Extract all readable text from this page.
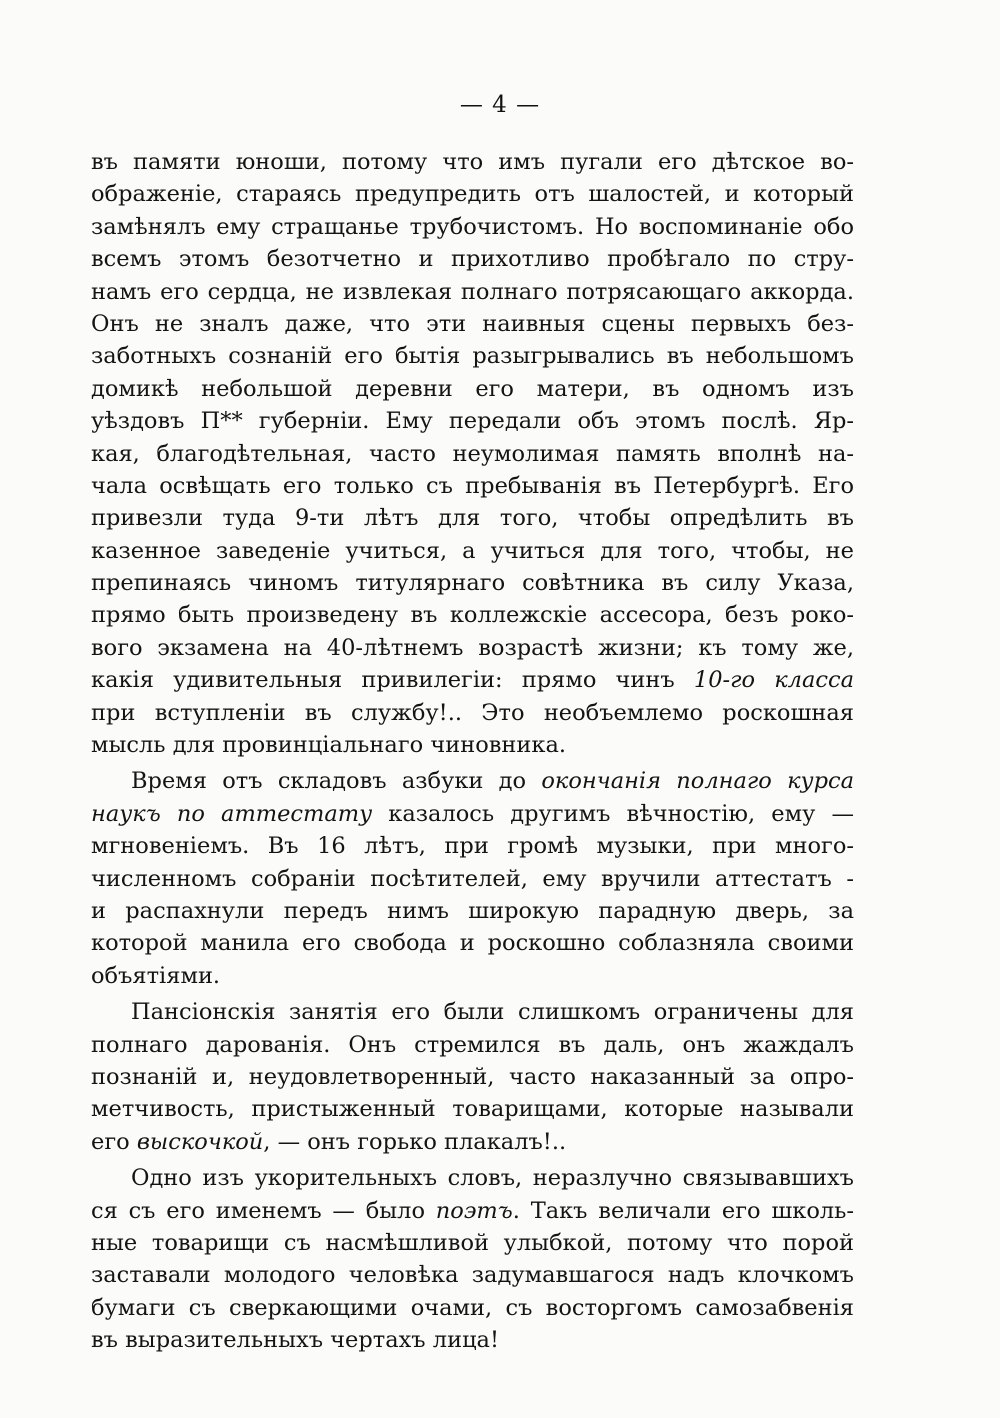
— 4 —
въ памяти юноши, потому что имъ пугали его дѣтское во-
ображенiе, стараясь предупредить отъ шалостей, и который
замѣнялъ ему стращанье трубочистомъ. Но воспоминанiе обо
всемъ этомъ безотчетно и прихотливо пробѣгало по стру-
намъ его сердца, не извлекая полнаго потрясающаго аккорда.
Онъ не зналъ даже, что эти наивныя сцены первыхъ без-
заботныхъ сознанiй его бытiя разыгрывались въ небольшомъ
домикѣ небольшой деревни его матери, въ одномъ изъ
уѣздовъ П** губернiи. Ему передали объ этомъ послѣ. Яр-
кая, благодѣтельная, часто неумолимая память вполнѣ на-
чала освѣщать его только съ пребыванiя въ Петербургѣ. Его
привезли туда 9-ти лѣтъ для того, чтобы опредѣлить въ
казенное заведенiе учиться, а учиться для того, чтобы, не
препинаясь чиномъ титулярнаго совѣтника въ силу Указа,
прямо быть произведену въ коллежскiе ассесора, безъ роко-
вого экзамена на 40-лѣтнемъ возрастѣ жизни; къ тому же,
какiя удивительныя привилегiи: прямо чинъ 10-го класса
при вступленiи въ службу!.. Это необъемлемо роскошная
мысль для провинцiальнаго чиновника.
Время отъ складовъ азбуки до окончанiя полнаго курса
наукъ по аттестату казалось другимъ вѣчностiю, ему —
мгновенiемъ. Въ 16 лѣтъ, при громѣ музыки, при много-
численномъ собранiи посѣтителей, ему вручили аттестатъ -
и распахнули передъ нимъ широкую парадную дверь, за
которой манила его свобода и роскошно соблазняла своими
объятiями.
Пансiонскiя занятiя его были слишкомъ ограничены для
полнаго дарованiя. Онъ стремился въ даль, онъ жаждалъ
познанiй и, неудовлетворенный, часто наказанный за опро-
метчивость, пристыженный товарищами, которые называли
его выскочкой, — онъ горько плакалъ!..
Одно изъ укорительныхъ словъ, неразлучно связывавшихъ
ся съ его именемъ — было поэтъ. Такъ величали его школь-
ные товарищи съ насмѣшливой улыбкой, потому что порой
заставали молодого человѣка задумавшагося надъ клочкомъ
бумаги съ сверкающими очами, съ восторгомъ самозабвенiя
въ выразительныхъ чертахъ лица!
